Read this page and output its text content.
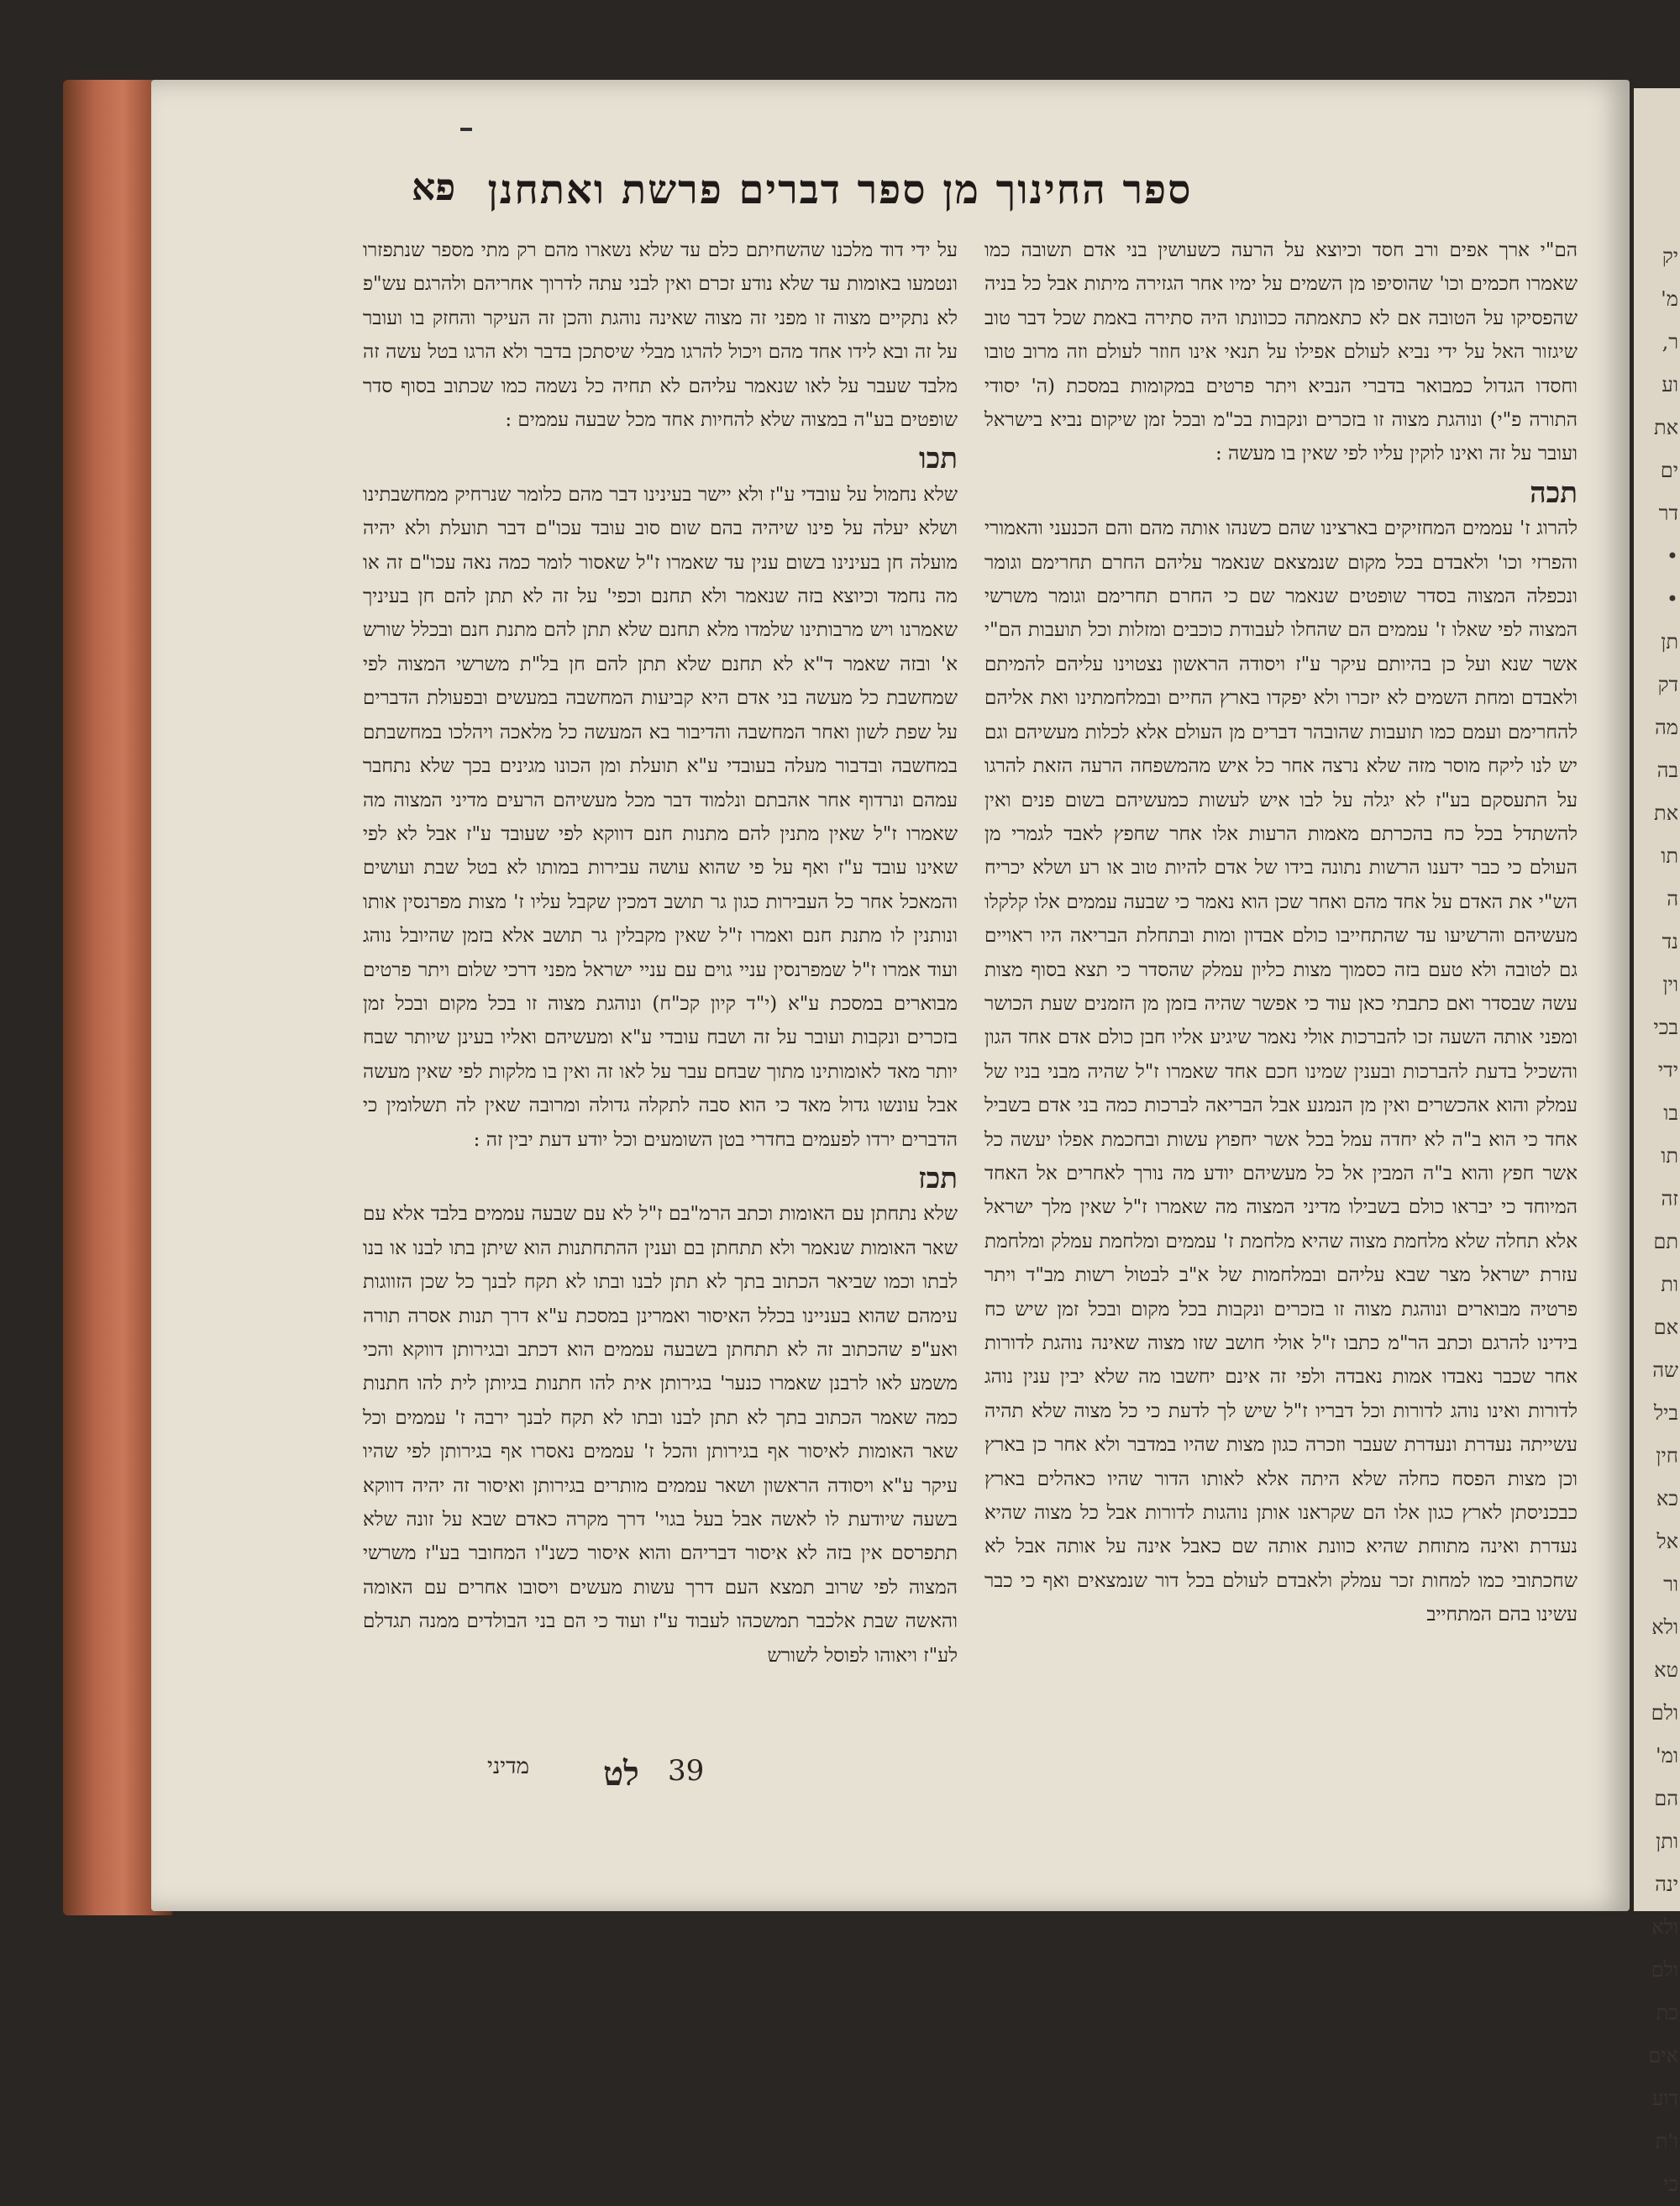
יק
מ'
ר,
וע
את
ים
דר
•
•
תן
דק
מה
בה
את
תו
ה
נד
וין
בכי
ידי
בו
תו
זה
תם
ות
אם
שה
ביל
חין
כא
אל
ור
ולא
טא
ולם
ומ'
הם
ותן
ינה
ולא
ולם
כת
אים
דוע
ו'ת
כי
ספר החינוך מן ספר דברים פרשת ואתחנן
פא

הם"י ארך אפים ורב חסד וכיוצא על הרעה כשעושין בני אדם תשובה כמו שאמרו חכמים וכו' שהוסיפו מן השמים על ימיו אחר הגזירה מיתות אבל כל בניה שהפסיקו על הטובה אם לא כתאמתה ככוונתו היה סתירה באמת שכל דבר טוב שיגזור האל על ידי נביא לעולם אפילו על תנאי אינו חוזר לעולם וזה מרוב טובו וחסדו הגדול כמבואר בדברי הנביא ויתר פרטים במקומות במסכת (ה' יסודי התורה פ"י) ונוהגת מצוה זו בזכרים ונקבות בכ"מ ובכל זמן שיקום נביא בישראל ועובר על זה ואינו לוקין עליו לפי שאין בו מעשה :

תכה

להרוג ז' עממים המחזיקים בארצינו שהם כשנהו אותה מהם והם הכנעני והאמורי והפרזי וכו' ולאבדם בכל מקום שנמצאם שנאמר עליהם החרם תחרימם וגומר ונכפלה המצוה בסדר שופטים שנאמר שם כי החרם תחרימם וגומר משרשי המצוה לפי שאלו ז' עממים הם שהחלו לעבודת כוכבים ומזלות וכל תועבות הם"י אשר שנא ועל כן בהיותם עיקר ע"ז ויסודה הראשון נצטוינו עליהם להמיתם ולאבדם ומחת השמים לא יזכרו ולא יפקדו בארץ החיים ובמלחמתינו ואת אליהם להחרימם ועמם כמו תועבות שהובהר דברים מן העולם אלא לכלות מעשיהם וגם יש לנו ליקח מוסר מזה שלא נרצה אחר כל איש מהמשפחה הרעה הזאת להרגו על התעסקם בע"ז לא יגלה על לבו איש לעשות כמעשיהם בשום פנים ואין להשתדל בכל כח בהכרתם מאמות הרעות אלו אחר שחפץ לאבד לגמרי מן העולם כי כבר ידענו הרשות נתונה בידו של אדם להיות טוב או רע ושלא יכריח הש"י את האדם על אחד מהם ואחר שכן הוא נאמר כי שבעה עממים אלו קלקלו מעשיהם והרשיעו עד שהתחייבו כולם אבדון ומות ובתחלת הבריאה היו ראויים גם לטובה ולא טעם בזה כסמוך מצות כליון עמלק שהסדר כי תצא בסוף מצות עשה שבסדר ואם כתבתי כאן עוד כי אפשר שהיה בזמן מן הזמנים שעת הכושר ומפני אותה השעה זכו להברכות אולי נאמר שיגיע אליו חבן כולם אדם אחד הגון והשכיל בדעת להברכות ובענין שמינו חכם אחד שאמרו ז"ל שהיה מבני בניו של עמלק והוא אהכשרים ואין מן הנמנע אבל הבריאה לברכות כמה בני אדם בשביל אחד כי הוא ב"ה לא יחדה עמל בכל אשר יחפוץ עשות ובחכמת אפלו יעשה כל אשר חפץ והוא ב"ה המבין אל כל מעשיהם יודע מה נורך לאחרים אל האחד המיוחד כי יבראו כולם בשבילו מדיני המצוה מה שאמרו ז"ל שאין מלך ישראל אלא תחלה שלא מלחמת מצוה שהיא מלחמת ז' עממים ומלחמת עמלק ומלחמת עזרת ישראל מצר שבא עליהם ובמלחמות של א"ב לבטול רשות מב"ד ויתר פרטיה מבוארים ונוהגת מצוה זו בזכרים ונקבות בכל מקום ובכל זמן שיש כח בידינו להרגם וכתב הר"מ כתבו ז"ל אולי חושב שזו מצוה שאינה נוהגת לדורות אחר שכבר נאבדו אמות נאבדה ולפי זה אינם יחשבו מה שלא יבין ענין נוהג לדורות ואינו נוהג לדורות וכל דבריו ז"ל שיש לך לדעת כי כל מצוה שלא תהיה עשייתה נעדרת ונעדרת שעבר וזכרה כגון מצות שהיו במדבר ולא אחר כן בארץ וכן מצות הפסח כחלה שלא היתה אלא לאותו הדור שהיו כאהלים בארץ כבכניסתן לארץ כגון אלו הם שקראנו אותן נוהגות לדורות אבל כל מצוה שהיא נעדרת ואינה מתוחת שהיא כוונת אותה שם כאבל אינה על אותה אבל לא שחכתובי כמו למחות זכר עמלק ולאבדם לעולם בכל דור שנמצאים ואף כי כבר עשינו בהם המתחייב

על ידי דוד מלכנו שהשחיתם כלם עד שלא נשארו מהם רק מתי מספר שנתפזרו ונטמעו באומות עד שלא נודע זכרם ואין לבני עתה לדרוך אחריהם ולהרגם עש"פ לא נתקיים מצוה זו מפני זה מצוה שאינה נוהגת והכן זה העיקר והחזק בו ועובר על זה ובא לידו אחד מהם ויכול להרגו מבלי שיסתכן בדבר ולא הרגו בטל עשה זה מלבד שעבר על לאו שנאמר עליהם לא תחיה כל נשמה כמו שכתוב בסוף סדר שופטים בע"ה במצוה שלא להחיות אחד מכל שבעה עממים :

תכו

שלא נחמול על עובדי ע"ז ולא יישר בעינינו דבר מהם כלומר שנרחיק ממחשבתינו ושלא יעלה על פינו שיהיה בהם שום סוב עובד עכו"ם דבר תועלת ולא יהיה מועלה חן בעינינו בשום ענין עד שאמרו ז"ל שאסור לומר כמה נאה עכו"ם זה או מה נחמד וכיוצא בזה שנאמר ולא תחנם וכפי' על זה לא תתן להם חן בעיניך שאמרנו ויש מרבותינו שלמדו מלא תחנם שלא תתן להם מתנת חנם ובכלל שורש א' ובזה שאמר ד"א לא תחנם שלא תתן להם חן בל"ת משרשי המצוה לפי שמחשבת כל מעשה בני אדם היא קביעות המחשבה במעשים ובפעולת הדברים על שפת לשון ואחר המחשבה והדיבור בא המעשה כל מלאכה ויהלכו במחשבתם במחשבה ובדבור מעלה בעובדי ע"א תועלת ומן הכונו מגינים בכך שלא נתחבר עמהם ונרדוף אחר אהבתם ונלמוד דבר מכל מעשיהם הרעים מדיני המצוה מה שאמרו ז"ל שאין מתנין להם מתנות חנם דווקא לפי שעובד ע"ז אבל לא לפי שאינו עובד ע"ז ואף על פי שהוא עושה עבירות במותו לא בטל שבת ועושים והמאכל אחר כל העבירות כגון גר תושב דמכין שקבל עליו ז' מצות מפרנסין אותו ונותנין לו מתנת חנם ואמרו ז"ל שאין מקבלין גר תושב אלא בזמן שהיובל נוהג ועוד אמרו ז"ל שמפרנסין עניי גוים עם עניי ישראל מפני דרכי שלום ויתר פרטים מבוארים במסכת ע"א (י"ד קיון קכ"ח) ונוהגת מצוה זו בכל מקום ובכל זמן בזכרים ונקבות ועובר על זה ושבח עובדי ע"א ומעשיהם ואליו בעינן שיותר שבח יותר מאד לאומותינו מתוך שבחם עבר על לאו זה ואין בו מלקות לפי שאין מעשה אבל עונשו גדול מאד כי הוא סבה לתקלה גדולה ומרובה שאין לה תשלומין כי הדברים ירדו לפעמים בחדרי בטן השומעים וכל יודע דעת יבין זה :

תכז

שלא נתחתן עם האומות וכתב הרמ"בם ז"ל לא עם שבעה עממים בלבד אלא עם שאר האומות שנאמר ולא תתחתן בם וענין ההתחתנות הוא שיתן בתו לבנו או בנו לבתו וכמו שביאר הכתוב בתך לא תתן לבנו ובתו לא תקח לבנך כל שכן הזווגות עימהם שהוא בעניינו בכלל האיסור ואמרינן במסכת ע"א דרך תנות אסרה תורה ואע"פ שהכתוב זה לא תתחתן בשבעה עממים הוא דכתב ובגירותן דווקא והכי משמע לאו לרבנן שאמרו כנער' בגירותן אית להו חתנות בגיותן לית להו חתנות כמה שאמר הכתוב בתך לא תתן לבנו ובתו לא תקח לבנך ירבה ז' עממים וכל שאר האומות לאיסור אף בגירותן והכל ז' עממים נאסרו אף בגירותן לפי שהיו עיקר ע"א ויסודה הראשון ושאר עממים מותרים בגירותן ואיסור זה יהיה דווקא בשעה שיודעת לו לאשה אבל בעל בגוי' דרך מקרה כאדם שבא על זונה שלא תתפרסם אין בזה לא איסור דבריהם והוא איסור כשנ"ו המחובר בע"ז משרשי המצוה לפי שרוב תמצא העם דרך עשות מעשים ויסובו אחרים עם האומה והאשה שבת אלכבר תמשכהו לעבוד ע"ז ועוד כי הם בני הבולדים ממנה תגדלם לע"ז ויאוהו לפוסל לשורש

מדיני	39
לט
